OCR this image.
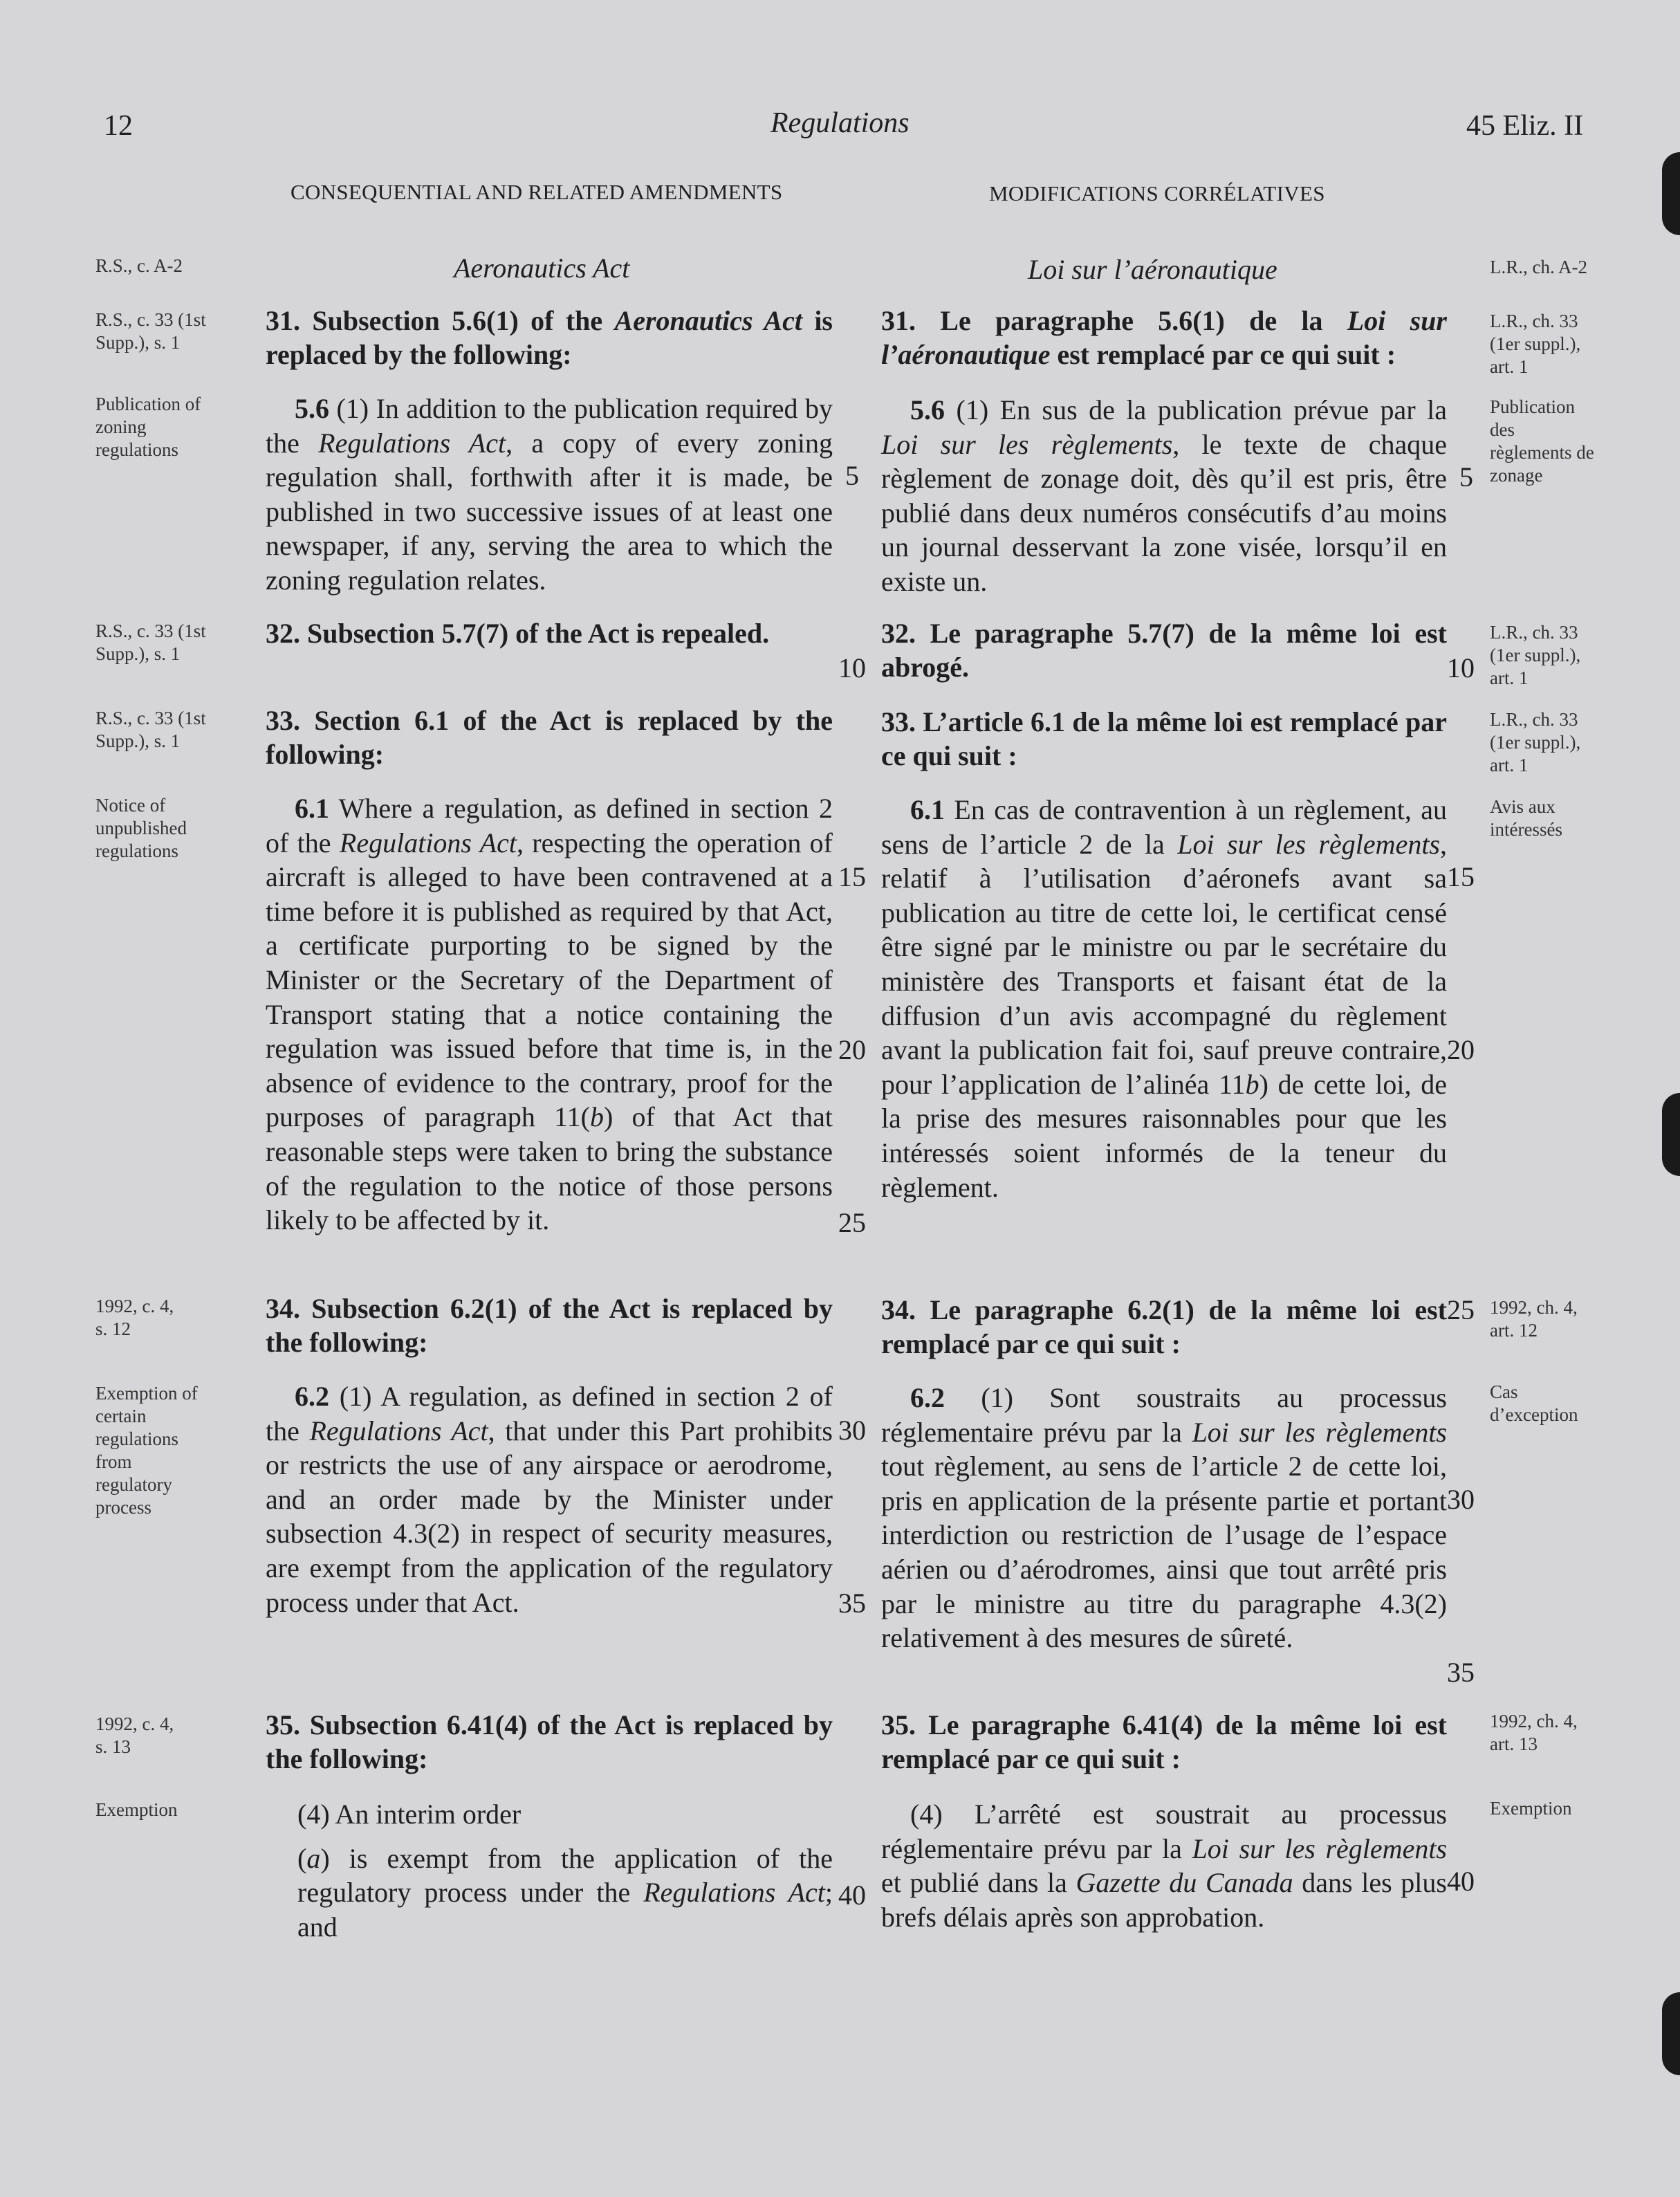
12	Regulations	45 Eliz. II
CONSEQUENTIAL AND RELATED AMENDMENTS	MODIFICATIONS CORRÉLATIVES
Aeronautics Act	Loi sur l’aéronautique
R.S., c. A-2
R.S., c. 33 (1st
Supp.), s. 1
Publication of
zoning
regulations
R.S., c. 33 (1st
Supp.), s. 1
R.S., c. 33 (1st
Supp.), s. 1
Notice of
unpublished
regulations
1992, c. 4,
s. 12
Exemption of
certain
regulations
from
regulatory
process
1992, c. 4,
s. 13
Exemption
L.R., ch. A-2
L.R., ch. 33
(1er suppl.),
art. 1
Publication
des
règlements de
zonage
L.R., ch. 33
(1er suppl.),
art. 1
L.R., ch. 33
(1er suppl.),
art. 1
Avis aux
intéressés
1992, ch. 4,
art. 12
Cas
d’exception
1992, ch. 4,
art. 13
Exemption
31. Subsection 5.6(1) of the Aeronautics Act is replaced by the following:

5.6 (1) In addition to the publication required by the Regulations Act, a copy of every zoning regulation shall, forthwith after it is made, be published in two successive issues of at least one newspaper, if any, serving the area to which the zoning regulation relates.

32. Subsection 5.7(7) of the Act is repealed.
33. Section 6.1 of the Act is replaced by the following:

6.1 Where a regulation, as defined in section 2 of the Regulations Act, respecting the operation of aircraft is alleged to have been contravened at a time before it is published as required by that Act, a certificate purporting to be signed by the Minister or the Secretary of the Department of Transport stating that a notice containing the regulation was issued before that time is, in the absence of evidence to the contrary, proof for the purposes of paragraph 11(b) of that Act that reasonable steps were taken to bring the substance of the regulation to the notice of those persons likely to be affected by it.

34. Subsection 6.2(1) of the Act is replaced by the following:

6.2 (1) A regulation, as defined in section 2 of the Regulations Act, that under this Part prohibits or restricts the use of any airspace or aerodrome, and an order made by the Minister under subsection 4.3(2) in respect of security measures, are exempt from the application of the regulatory process under that Act.

35. Subsection 6.41(4) of the Act is replaced by the following:

(4) An interim order

(a) is exempt from the application of the regulatory process under the Regulations Act; and

5
10
15
20
25
30
35
40
31. Le paragraphe 5.6(1) de la Loi sur l’aéronautique est remplacé par ce qui suit :

5.6 (1) En sus de la publication prévue par la Loi sur les règlements, le texte de chaque règlement de zonage doit, dès qu’il est pris, être publié dans deux numéros consécutifs d’au moins un journal desservant la zone visée, lorsqu’il en existe un.

32. Le paragraphe 5.7(7) de la même loi est abrogé.
33. L’article 6.1 de la même loi est remplacé par ce qui suit :

6.1 En cas de contravention à un règlement, au sens de l’article 2 de la Loi sur les règlements, relatif à l’utilisation d’aéronefs avant sa publication au titre de cette loi, le certificat censé être signé par le ministre ou par le secrétaire du ministère des Transports et faisant état de la diffusion d’un avis accompagné du règlement avant la publication fait foi, sauf preuve contraire, pour l’application de l’alinéa 11b) de cette loi, de la prise des mesures raisonnables pour que les intéressés soient informés de la teneur du règlement.

34. Le paragraphe 6.2(1) de la même loi est remplacé par ce qui suit :

6.2 (1) Sont soustraits au processus réglementaire prévu par la Loi sur les règlements tout règlement, au sens de l’article 2 de cette loi, pris en application de la présente partie et portant interdiction ou restriction de l’usage de l’espace aérien ou d’aérodromes, ainsi que tout arrêté pris par le ministre au titre du paragraphe 4.3(2) relativement à des mesures de sûreté.

35. Le paragraphe 6.41(4) de la même loi est remplacé par ce qui suit :

(4) L’arrêté est soustrait au processus réglementaire prévu par la Loi sur les règlements et publié dans la Gazette du Canada dans les plus brefs délais après son approbation.

5
10
15
20
25
30
35
40
